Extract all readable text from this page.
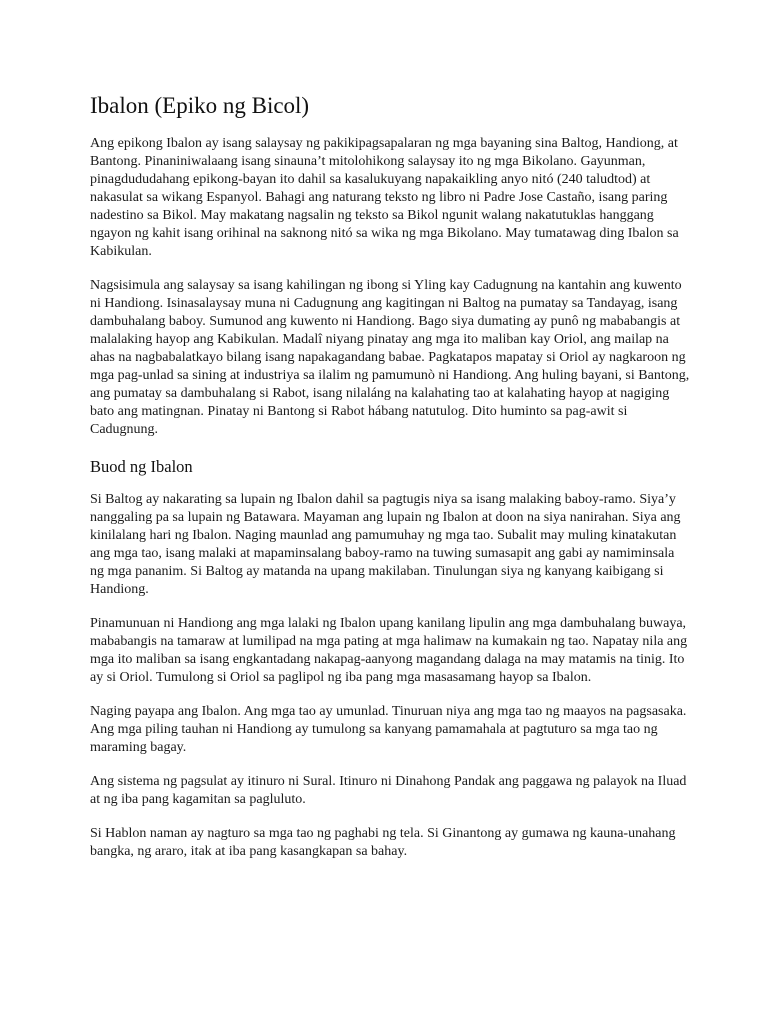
Ibalon (Epiko ng Bicol)

Ang epikong Ibalon ay isang salaysay ng pakikipagsapalaran ng mga bayaning sina Baltog, Handiong, at Bantong. Pinaniniwalaang isang sinauna’t mitolohikong salaysay ito ng mga Bikolano. Gayunman, pinagdududahang epikong-bayan ito dahil sa kasalukuyang napakaikling anyo nitó (240 taludtod) at nakasulat sa wikang Espanyol. Bahagi ang naturang teksto ng libro ni Padre Jose Castaño, isang paring nadestino sa Bikol. May makatang nagsalin ng teksto sa Bikol ngunit walang nakatutuklas hanggang ngayon ng kahit isang orihinal na saknong nitó sa wika ng mga Bikolano. May tumatawag ding Ibalon sa Kabikulan.

Nagsisimula ang salaysay sa isang kahilingan ng ibong si Yling kay Cadugnung na kantahin ang kuwento ni Handiong. Isinasalaysay muna ni Cadugnung ang kagitingan ni Baltog na pumatay sa Tandayag, isang dambuhalang baboy. Sumunod ang kuwento ni Handiong. Bago siya dumating ay punô ng mababangis at malalaking hayop ang Kabikulan. Madalî niyang pinatay ang mga ito maliban kay Oriol, ang mailap na ahas na nagbabalatkayo bilang isang napakagandang babae. Pagkatapos mapatay si Oriol ay nagkaroon ng mga pag-unlad sa sining at industriya sa ilalim ng pamumunò ni Handiong. Ang huling bayani, si Bantong, ang pumatay sa dambuhalang si Rabot, isang nilaláng na kalahating tao at kalahating hayop at nagiging bato ang matingnan. Pinatay ni Bantong si Rabot hábang natutulog. Dito huminto sa pag-awit si Cadugnung.

Buod ng Ibalon

Si Baltog ay nakarating sa lupain ng Ibalon dahil sa pagtugis niya sa isang malaking baboy-ramo. Siya’y nanggaling pa sa lupain ng Batawara. Mayaman ang lupain ng Ibalon at doon na siya nanirahan. Siya ang kinilalang hari ng Ibalon. Naging maunlad ang pamumuhay ng mga tao. Subalit may muling kinatakutan ang mga tao, isang malaki at mapaminsalang baboy-ramo na tuwing sumasapit ang gabi ay namiminsala ng mga pananim. Si Baltog ay matanda na upang makilaban. Tinulungan siya ng kanyang kaibigang si Handiong.

Pinamunuan ni Handiong ang mga lalaki ng Ibalon upang kanilang lipulin ang mga dambuhalang buwaya, mababangis na tamaraw at lumilipad na mga pating at mga halimaw na kumakain ng tao. Napatay nila ang mga ito maliban sa isang engkantadang nakapag-aanyong magandang dalaga na may matamis na tinig. Ito ay si Oriol. Tumulong si Oriol sa paglipol ng iba pang mga masasamang hayop sa Ibalon.

Naging payapa ang Ibalon. Ang mga tao ay umunlad. Tinuruan niya ang mga tao ng maayos na pagsasaka. Ang mga piling tauhan ni Handiong ay tumulong sa kanyang pamamahala at pagtuturo sa mga tao ng maraming bagay.

Ang sistema ng pagsulat ay itinuro ni Sural. Itinuro ni Dinahong Pandak ang paggawa ng palayok na Iluad at ng iba pang kagamitan sa pagluluto.

Si Hablon naman ay nagturo sa mga tao ng paghabi ng tela. Si Ginantong ay gumawa ng kauna-unahang bangka, ng araro, itak at iba pang kasangkapan sa bahay.
